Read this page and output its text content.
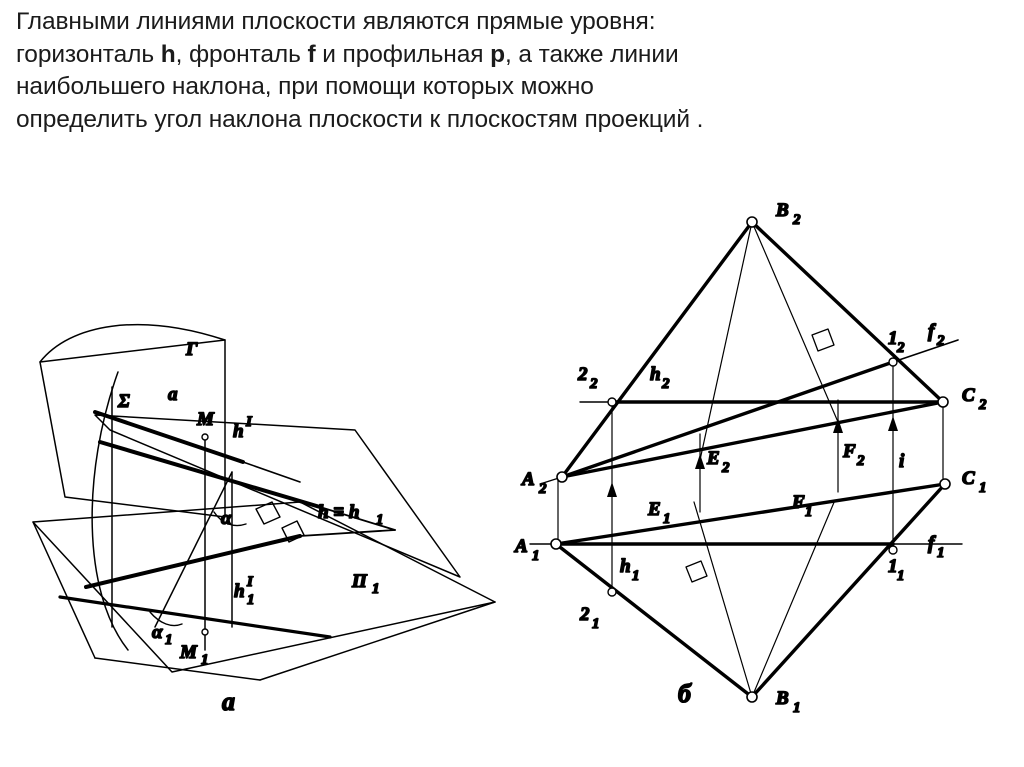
Главными линиями плоскости являются прямые уровня:
горизонталь h, фронталь f и профильная p, а также линии
наибольшего наклона, при помощи которых можно
определить угол наклона плоскости к плоскостям проекций .
Г
Σ a
M
h I
α	h ≡ h 1
П 1
h I
1
α 1
M 1
а
B 2
A 2
C 2
A 1
C 1
B 1
2 2
2 1
h 2
h 1
1 2
1 1
f 2
f 1
E 2
E 1
F 2
F 1
i
б
